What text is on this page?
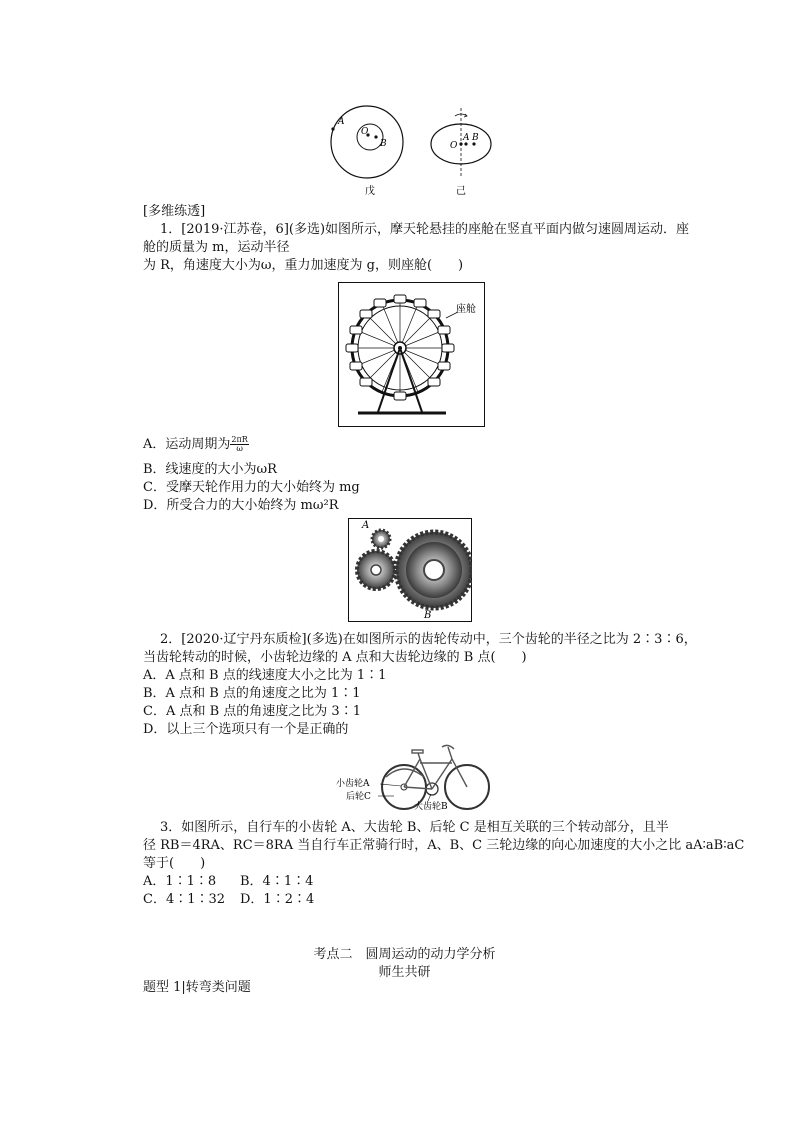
A
O
B
戊
O
A B
己
[多维练透]
1．[2019·江苏卷，6](多选)如图所示，摩天轮悬挂的座舱在竖直平面内做匀速圆周运动．座
舱的质量为 m，运动半径
为 R，角速度大小为ω，重力加速度为 g，则座舱(　　)
座舱
A．运动周期为 $\frac{2\pi R}{\omega}$
B．线速度的大小为ωR
C．受摩天轮作用力的大小始终为 mg
D．所受合力的大小始终为 mω²R
A
B
2．[2020·辽宁丹东质检](多选)在如图所示的齿轮传动中，三个齿轮的半径之比为 2∶3∶6，
当齿轮转动的时候，小齿轮边缘的 A 点和大齿轮边缘的 B 点(　　)
A．A 点和 B 点的线速度大小之比为 1∶1
B．A 点和 B 点的角速度之比为 1∶1
C．A 点和 B 点的角速度之比为 3∶1
D．以上三个选项只有一个是正确的
小齿轮A
后轮C
大齿轮B
3．如图所示，自行车的小齿轮 A、大齿轮 B、后轮 C 是相互关联的三个转动部分，且半
径 RB＝4RA、RC＝8RA 当自行车正常骑行时，A、B、C 三轮边缘的向心加速度的大小之比 aA∶aB∶aC
等于(　　)
A．1∶1∶8 B．4∶1∶4
C．4∶1∶32 D．1∶2∶4
考点二　圆周运动的动力学分析
师生共研
题型 1|转弯类问题
